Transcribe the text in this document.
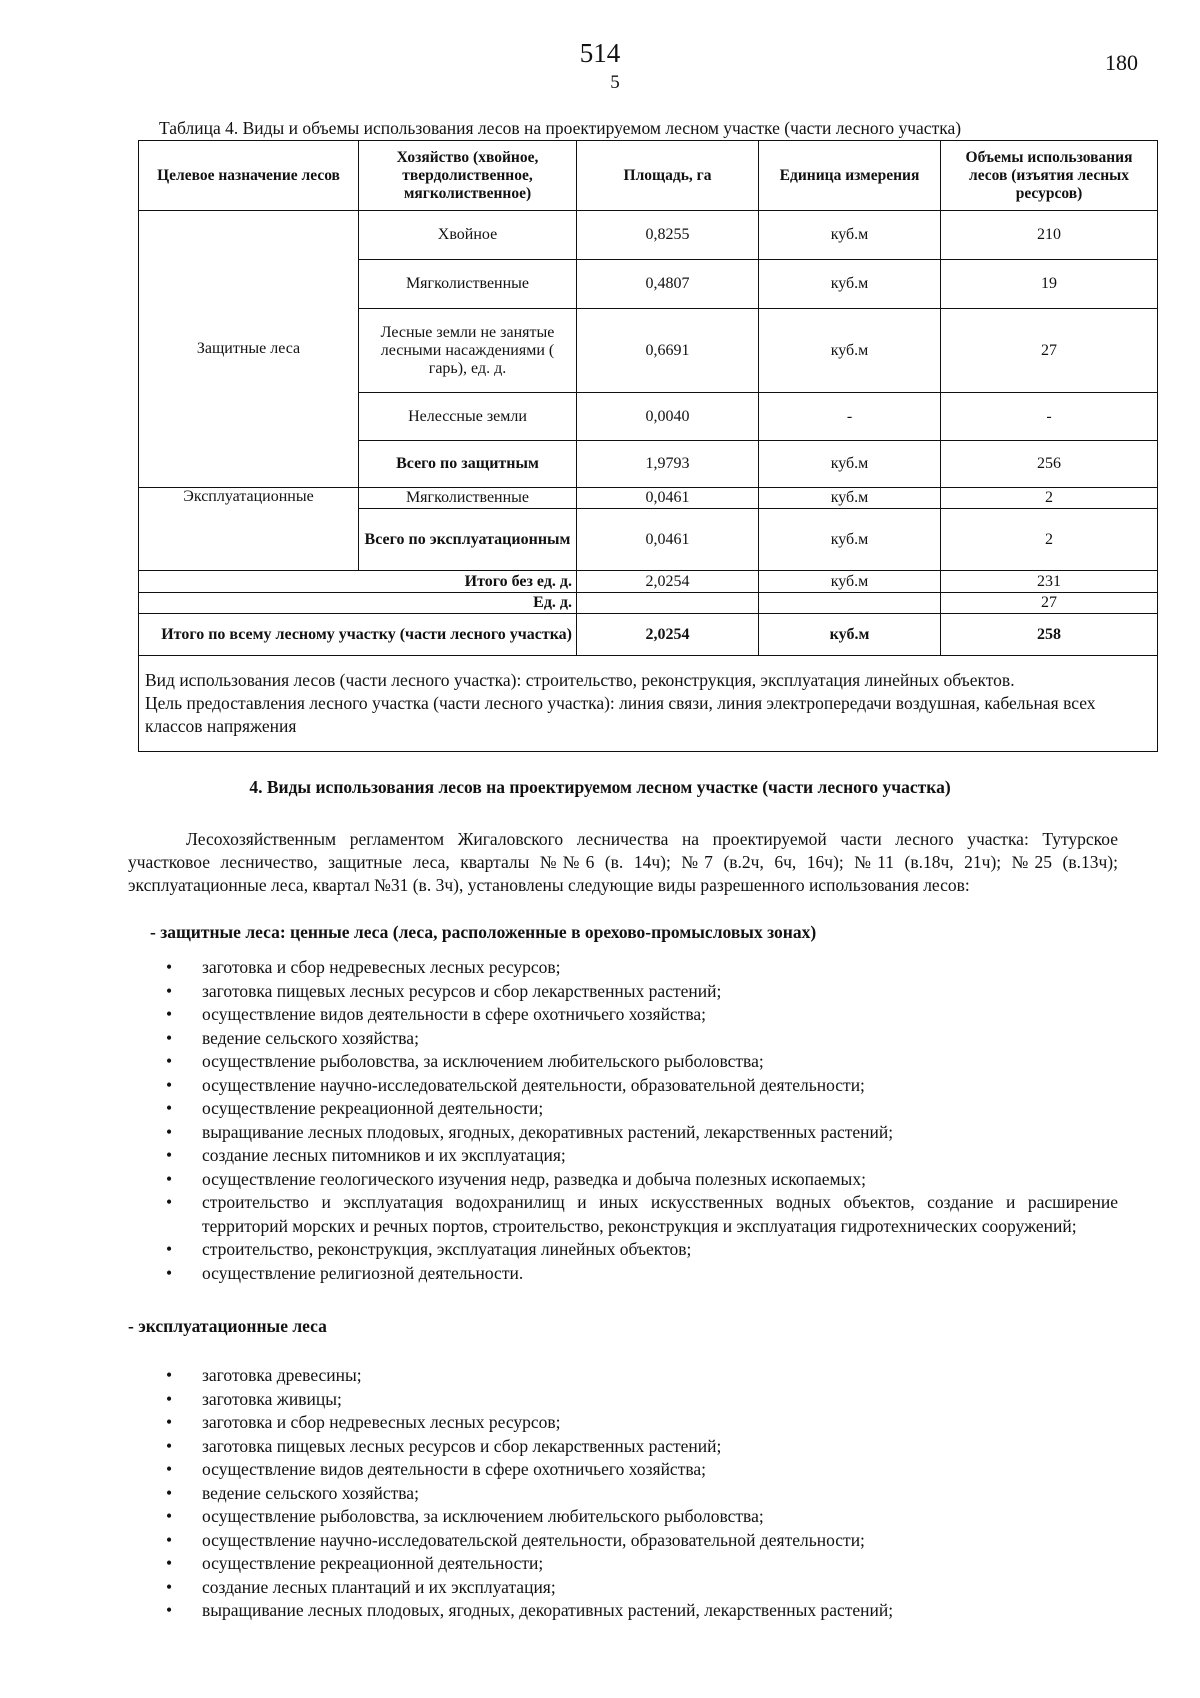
514	180
5
Таблица 4. Виды и объемы использования лесов на проектируемом лесном участке (части лесного участка)
Целевое назначение лесов	Хозяйство (хвойное, твердолиственное, мягколиственное)	Площадь, га	Единица измерения	Объемы использования лесов (изъятия лесных ресурсов)
Защитные леса	Хвойное	0,8255	куб.м	210
	Мягколиственные	0,4807	куб.м	19
	Лесные земли не занятые лесными насаждениями ( гарь), ед. д.	0,6691	куб.м	27
	Нелессные земли	0,0040	-	-
	Всего по защитным	1,9793	куб.м	256
Эксплуатационные	Мягколиственные	0,0461	куб.м	2
	Всего по эксплуатационным	0,0461	куб.м	2
Итого без ед. д.		2,0254	куб.м	231
Ед. д.				27
Итого по всему лесному участку (части лесного участка)		2,0254	куб.м	258

Вид использования лесов (части лесного участка): строительство, реконструкция, эксплуатация линейных объектов.
Цель предоставления лесного участка (части лесного участка): линия связи, линия электропередачи воздушная, кабельная всех классов напряжения				
4. Виды использования лесов на проектируемом лесном участке (части лесного участка)
Лесохозяйственным регламентом Жигаловского лесничества на проектируемой части лесного участка: Тутурское участковое лесничество, защитные леса, кварталы №№6 (в. 14ч); №7 (в.2ч, 6ч, 16ч); №11 (в.18ч, 21ч); №25 (в.13ч); эксплуатационные леса, квартал №31 (в. 3ч), установлены следующие виды разрешенного использования лесов:
- защитные леса: ценные леса (леса, расположенные в орехово-промысловых зонах)
• заготовка и сбор недревесных лесных ресурсов;
• заготовка пищевых лесных ресурсов и сбор лекарственных растений;
• осуществление видов деятельности в сфере охотничьего хозяйства;
• ведение сельского хозяйства;
• осуществление рыболовства, за исключением любительского рыболовства;
• осуществление научно-исследовательской деятельности, образовательной деятельности;
• осуществление рекреационной деятельности;
• выращивание лесных плодовых, ягодных, декоративных растений, лекарственных растений;
• создание лесных питомников и их эксплуатация;
• осуществление геологического изучения недр, разведка и добыча полезных ископаемых;
• строительство и эксплуатация водохранилищ и иных искусственных водных объектов, создание и расширение территорий морских и речных портов, строительство, реконструкция и эксплуатация гидротехнических сооружений;
• строительство, реконструкция, эксплуатация линейных объектов;
• осуществление религиозной деятельности.
- эксплуатационные леса
• заготовка древесины;
• заготовка живицы;
• заготовка и сбор недревесных лесных ресурсов;
• заготовка пищевых лесных ресурсов и сбор лекарственных растений;
• осуществление видов деятельности в сфере охотничьего хозяйства;
• ведение сельского хозяйства;
• осуществление рыболовства, за исключением любительского рыболовства;
• осуществление научно-исследовательской деятельности, образовательной деятельности;
• осуществление рекреационной деятельности;
• создание лесных плантаций и их эксплуатация;
• выращивание лесных плодовых, ягодных, декоративных растений, лекарственных растений;
